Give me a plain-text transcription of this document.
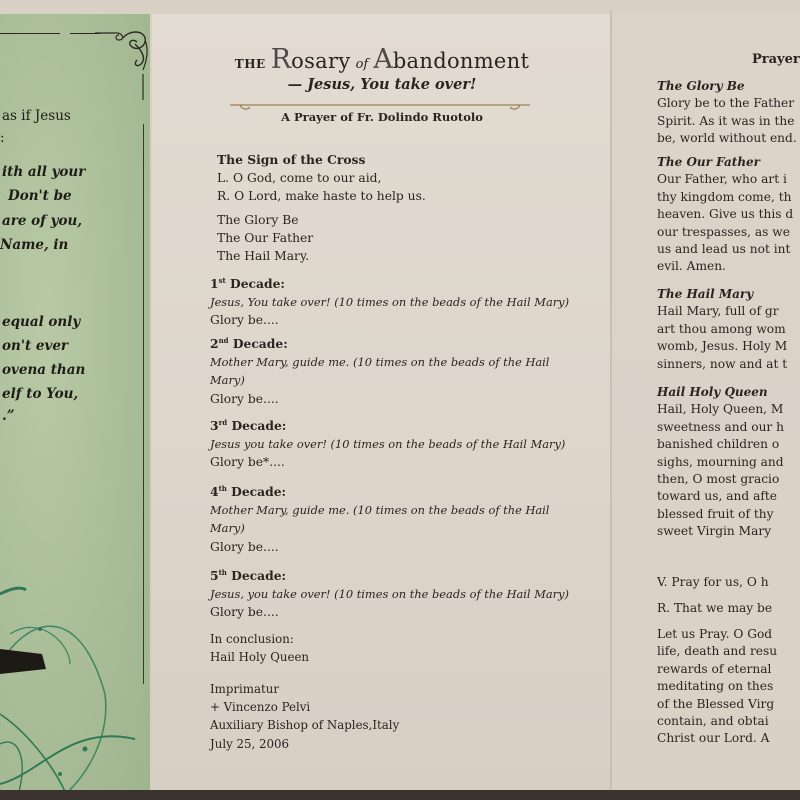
as if Jesus
:
ith all your
Don't be
are of you,
Name, in
equal only
on't ever
ovena than
elf to You,
.”
THE Rosary of Abandonment
— Jesus, You take over!
A Prayer of Fr. Dolindo Ruotolo
The Sign of the Cross
L. O God, come to our aid,
R. O Lord, make haste to help us.
The Glory Be
The Our Father
The Hail Mary.
1st Decade:
Jesus, You take over! (10 times on the beads of the Hail Mary)
Glory be....
2nd Decade:
Mother Mary, guide me. (10 times on the beads of the Hail
Mary)
Glory be....
3rd Decade:
Jesus you take over! (10 times on the beads of the Hail Mary)
Glory be*....
4th Decade:
Mother Mary, guide me. (10 times on the beads of the Hail
Mary)
Glory be....
5th Decade:
Jesus, you take over! (10 times on the beads of the Hail Mary)
Glory be....
In conclusion:
Hail Holy Queen
Imprimatur
+ Vincenzo Pelvi
Auxiliary Bishop of Naples,Italy
July 25, 2006
Prayer
The Glory Be
Glory be to the Father
Spirit. As it was in the
be, world without end.
The Our Father
Our Father, who art i
thy kingdom come, th
heaven. Give us this d
our trespasses, as we
us and lead us not int
evil. Amen.
The Hail Mary
Hail Mary, full of gr
art thou among wom
womb, Jesus. Holy M
sinners, now and at t
Hail Holy Queen
Hail, Holy Queen, M
sweetness and our h
banished children o
sighs, mourning and
then, O most gracio
toward us, and afte
blessed fruit of thy
sweet Virgin Mary
V. Pray for us, O h
R. That we may be
Let us Pray. O God
life, death and resu
rewards of eternal
meditating on thes
of the Blessed Virg
contain, and obtai
Christ our Lord. A
